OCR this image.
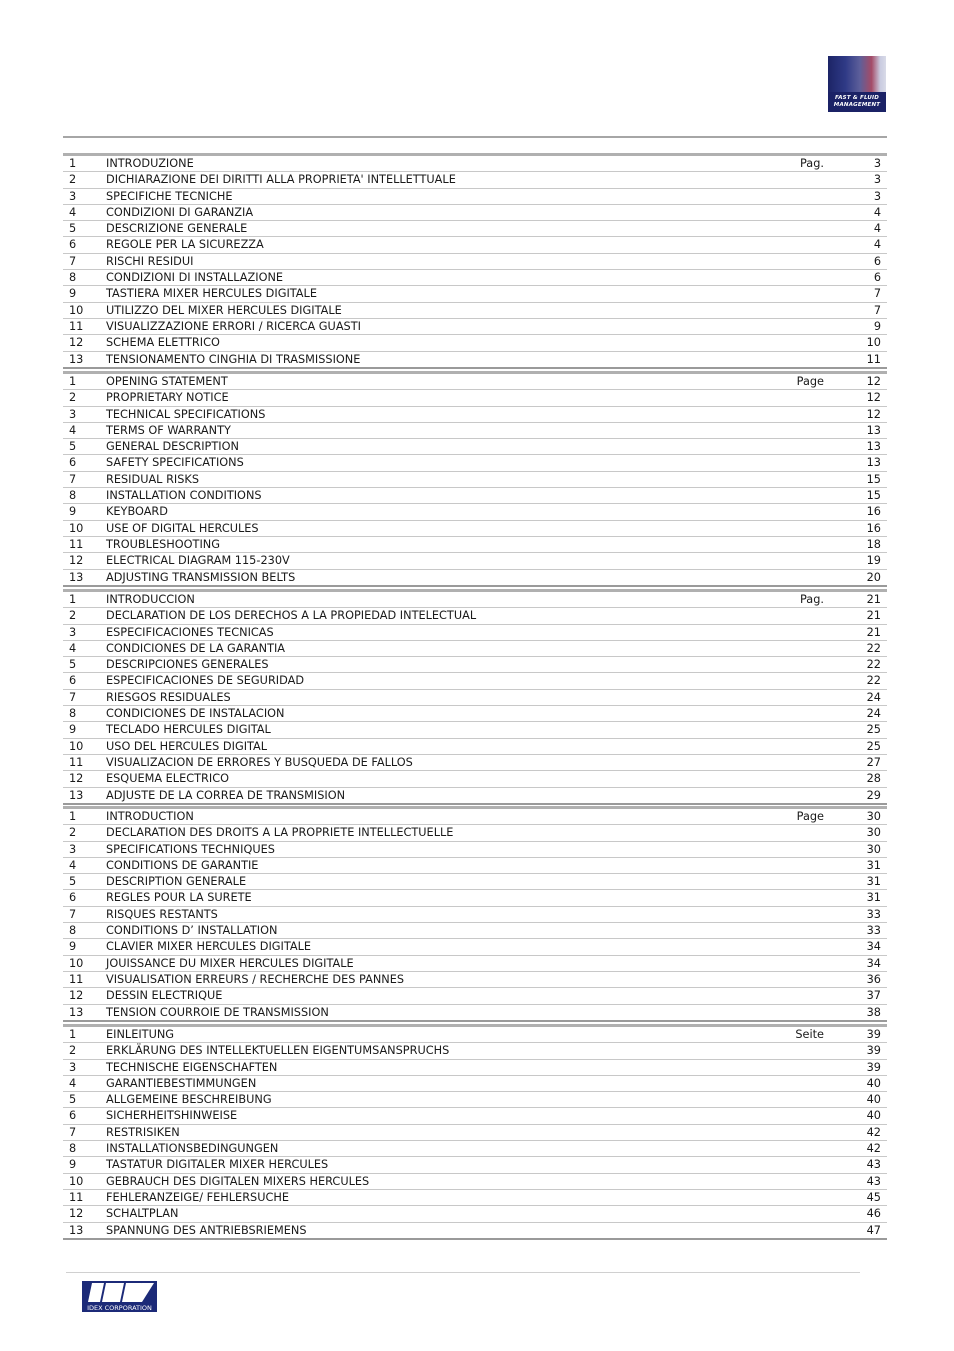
FAST & FLUID
MANAGEMENT
1	INTRODUZIONE	Pag.	3
2	DICHIARAZIONE DEI DIRITTI ALLA PROPRIETA' INTELLETTUALE	3
3	SPECIFICHE TECNICHE	3
4	CONDIZIONI DI GARANZIA	4
5	DESCRIZIONE GENERALE	4
6	REGOLE PER LA SICUREZZA	4
7	RISCHI RESIDUI	6
8	CONDIZIONI DI INSTALLAZIONE	6
9	TASTIERA MIXER HERCULES DIGITALE	7
10 UTILIZZO DEL MIXER HERCULES DIGITALE	7
11 VISUALIZZAZIONE ERRORI / RICERCA GUASTI	9
12 SCHEMA ELETTRICO	10
13 TENSIONAMENTO CINGHIA DI TRASMISSIONE	11
1	OPENING STATEMENT	Page	12
2	PROPRIETARY NOTICE	12
3	TECHNICAL SPECIFICATIONS	12
4	TERMS OF WARRANTY	13
5	GENERAL DESCRIPTION	13
6	SAFETY SPECIFICATIONS	13
7	RESIDUAL RISKS	15
8	INSTALLATION CONDITIONS	15
9	KEYBOARD	16
10 USE OF DIGITAL HERCULES	16
11 TROUBLESHOOTING	18
12 ELECTRICAL DIAGRAM 115-230V	19
13 ADJUSTING TRANSMISSION BELTS	20
1	INTRODUCCION	Pag.	21
2	DECLARATION DE LOS DERECHOS A LA PROPIEDAD INTELECTUAL	21
3	ESPECIFICACIONES TECNICAS	21
4	CONDICIONES DE LA GARANTIA	22
5	DESCRIPCIONES GENERALES	22
6	ESPECIFICACIONES DE SEGURIDAD	22
7	RIESGOS RESIDUALES	24
8	CONDICIONES DE INSTALACION	24
9	TECLADO HERCULES DIGITAL	25
10 USO DEL HERCULES DIGITAL	25
11 VISUALIZACION DE ERRORES Y BUSQUEDA DE FALLOS	27
12 ESQUEMA ELECTRICO	28
13 ADJUSTE DE LA CORREA DE TRANSMISION	29
1	INTRODUCTION	Page	30
2	DECLARATION DES DROITS A LA PROPRIETE INTELLECTUELLE	30
3	SPECIFICATIONS TECHNIQUES	30
4	CONDITIONS DE GARANTIE	31
5	DESCRIPTION GENERALE	31
6	REGLES POUR LA SURETE	31
7	RISQUES RESTANTS	33
8	CONDITIONS D’ INSTALLATION	33
9	CLAVIER MIXER HERCULES DIGITALE	34
10 JOUISSANCE DU MIXER HERCULES DIGITALE	34
11 VISUALISATION ERREURS / RECHERCHE DES PANNES	36
12 DESSIN ELECTRIQUE	37
13 TENSION COURROIE DE TRANSMISSION	38
1	EINLEITUNG	Seite	39
2	ERKLÄRUNG DES INTELLEKTUELLEN EIGENTUMSANSPRUCHS	39
3	TECHNISCHE EIGENSCHAFTEN	39
4	GARANTIEBESTIMMUNGEN	40
5	ALLGEMEINE BESCHREIBUNG	40
6	SICHERHEITSHINWEISE	40
7	RESTRISIKEN	42
8	INSTALLATIONSBEDINGUNGEN	42
9	TASTATUR DIGITALER MIXER HERCULES	43
10 GEBRAUCH DES DIGITALEN MIXERS HERCULES	43
11 FEHLERANZEIGE/ FEHLERSUCHE	45
12 SCHALTPLAN	46
13 SPANNUNG DES ANTRIEBSRIEMENS	47
IDEX CORPORATION
